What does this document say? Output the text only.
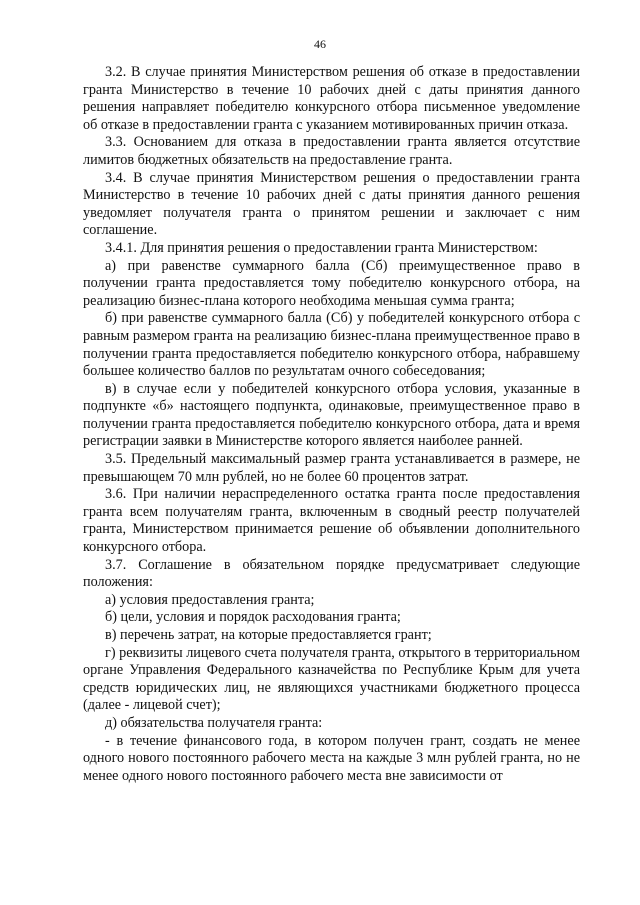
46

3.2. В случае принятия Министерством решения об отказе в предоставлении гранта Министерство в течение 10 рабочих дней с даты принятия данного решения направляет победителю конкурсного отбора письменное уведомление об отказе в предоставлении гранта с указанием мотивированных причин отказа.

3.3. Основанием для отказа в предоставлении гранта является отсутствие лимитов бюджетных обязательств на предоставление гранта.

3.4. В случае принятия Министерством решения о предоставлении гранта Министерство в течение 10 рабочих дней с даты принятия данного решения уведомляет получателя гранта о принятом решении и заключает с ним соглашение.

3.4.1. Для принятия решения о предоставлении гранта Министерством:

а) при равенстве суммарного балла (Сб) преимущественное право в получении гранта предоставляется тому победителю конкурсного отбора, на реализацию бизнес-плана которого необходима меньшая сумма гранта;

б) при равенстве суммарного балла (Сб) у победителей конкурсного отбора с равным размером гранта на реализацию бизнес-плана преимущественное право в получении гранта предоставляется победителю конкурсного отбора, набравшему большее количество баллов по результатам очного собеседования;

в) в случае если у победителей конкурсного отбора условия, указанные в подпункте «б» настоящего подпункта, одинаковые, преимущественное право в получении гранта предоставляется победителю конкурсного отбора, дата и время регистрации заявки в Министерстве которого является наиболее ранней.

3.5. Предельный максимальный размер гранта устанавливается в размере, не превышающем 70 млн рублей, но не более 60 процентов затрат.

3.6. При наличии нераспределенного остатка гранта после предоставления гранта всем получателям гранта, включенным в сводный реестр получателей гранта, Министерством принимается решение об объявлении дополнительного конкурсного отбора.

3.7. Соглашение в обязательном порядке предусматривает следующие положения:

а) условия предоставления гранта;

б) цели, условия и порядок расходования гранта;

в) перечень затрат, на которые предоставляется грант;

г) реквизиты лицевого счета получателя гранта, открытого в территориальном органе Управления Федерального казначейства по Республике Крым для учета средств юридических лиц, не являющихся участниками бюджетного процесса (далее - лицевой счет);

д) обязательства получателя гранта:

- в течение финансового года, в котором получен грант, создать не менее одного нового постоянного рабочего места на каждые 3 млн рублей гранта, но не менее одного нового постоянного рабочего места вне зависимости от
